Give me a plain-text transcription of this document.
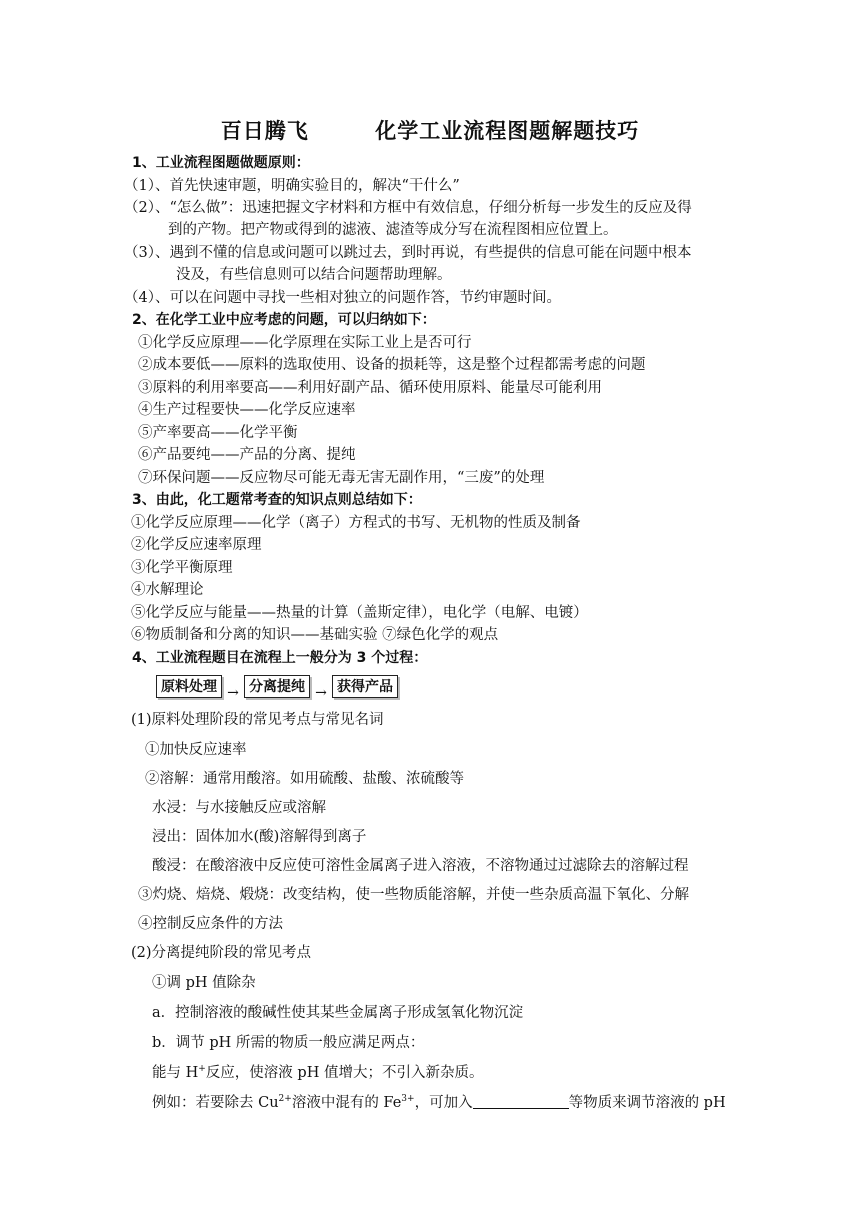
百日腾飞        化学工业流程图题解题技巧
1、工业流程图题做题原则：
（1）、首先快速审题，明确实验目的，解决“干什么”
（2）、“怎么做”：迅速把握文字材料和方框中有效信息，仔细分析每一步发生的反应及得
到的产物。把产物或得到的滤液、滤渣等成分写在流程图相应位置上。
（3）、遇到不懂的信息或问题可以跳过去，到时再说，有些提供的信息可能在问题中根本
没及，有些信息则可以结合问题帮助理解。
（4）、可以在问题中寻找一些相对独立的问题作答，节约审题时间。
2、在化学工业中应考虑的问题，可以归纳如下：
①化学反应原理——化学原理在实际工业上是否可行
②成本要低——原料的选取使用、设备的损耗等，这是整个过程都需考虑的问题
③原料的利用率要高——利用好副产品、循环使用原料、能量尽可能利用
④生产过程要快——化学反应速率
⑤产率要高——化学平衡
⑥产品要纯——产品的分离、提纯
⑦环保问题——反应物尽可能无毒无害无副作用，“三废”的处理
3、由此，化工题常考查的知识点则总结如下：
①化学反应原理——化学（离子）方程式的书写、无机物的性质及制备
②化学反应速率原理
③化学平衡原理
④水解理论
⑤化学反应与能量——热量的计算（盖斯定律），电化学（电解、电镀）
⑥物质制备和分离的知识——基础实验 ⑦绿色化学的观点
4、工业流程题目在流程上一般分为 3 个过程：
原料处理 → 分离提纯 → 获得产品
(1)原料处理阶段的常见考点与常见名词
①加快反应速率
②溶解：通常用酸溶。如用硫酸、盐酸、浓硫酸等
水浸：与水接触反应或溶解
浸出：固体加水(酸)溶解得到离子
酸浸：在酸溶液中反应使可溶性金属离子进入溶液，不溶物通过过滤除去的溶解过程
③灼烧、焙烧、煅烧：改变结构，使一些物质能溶解，并使一些杂质高温下氧化、分解
④控制反应条件的方法
(2)分离提纯阶段的常见考点
①调 pH 值除杂
a．控制溶液的酸碱性使其某些金属离子形成氢氧化物沉淀
b．调节 pH 所需的物质一般应满足两点：
能与 H+反应，使溶液 pH 值增大；不引入新杂质。
例如：若要除去 $Cu^{2+}$溶液中混有的 $Fe^{3+}$，可加入	等物质来调节溶液的 pH
